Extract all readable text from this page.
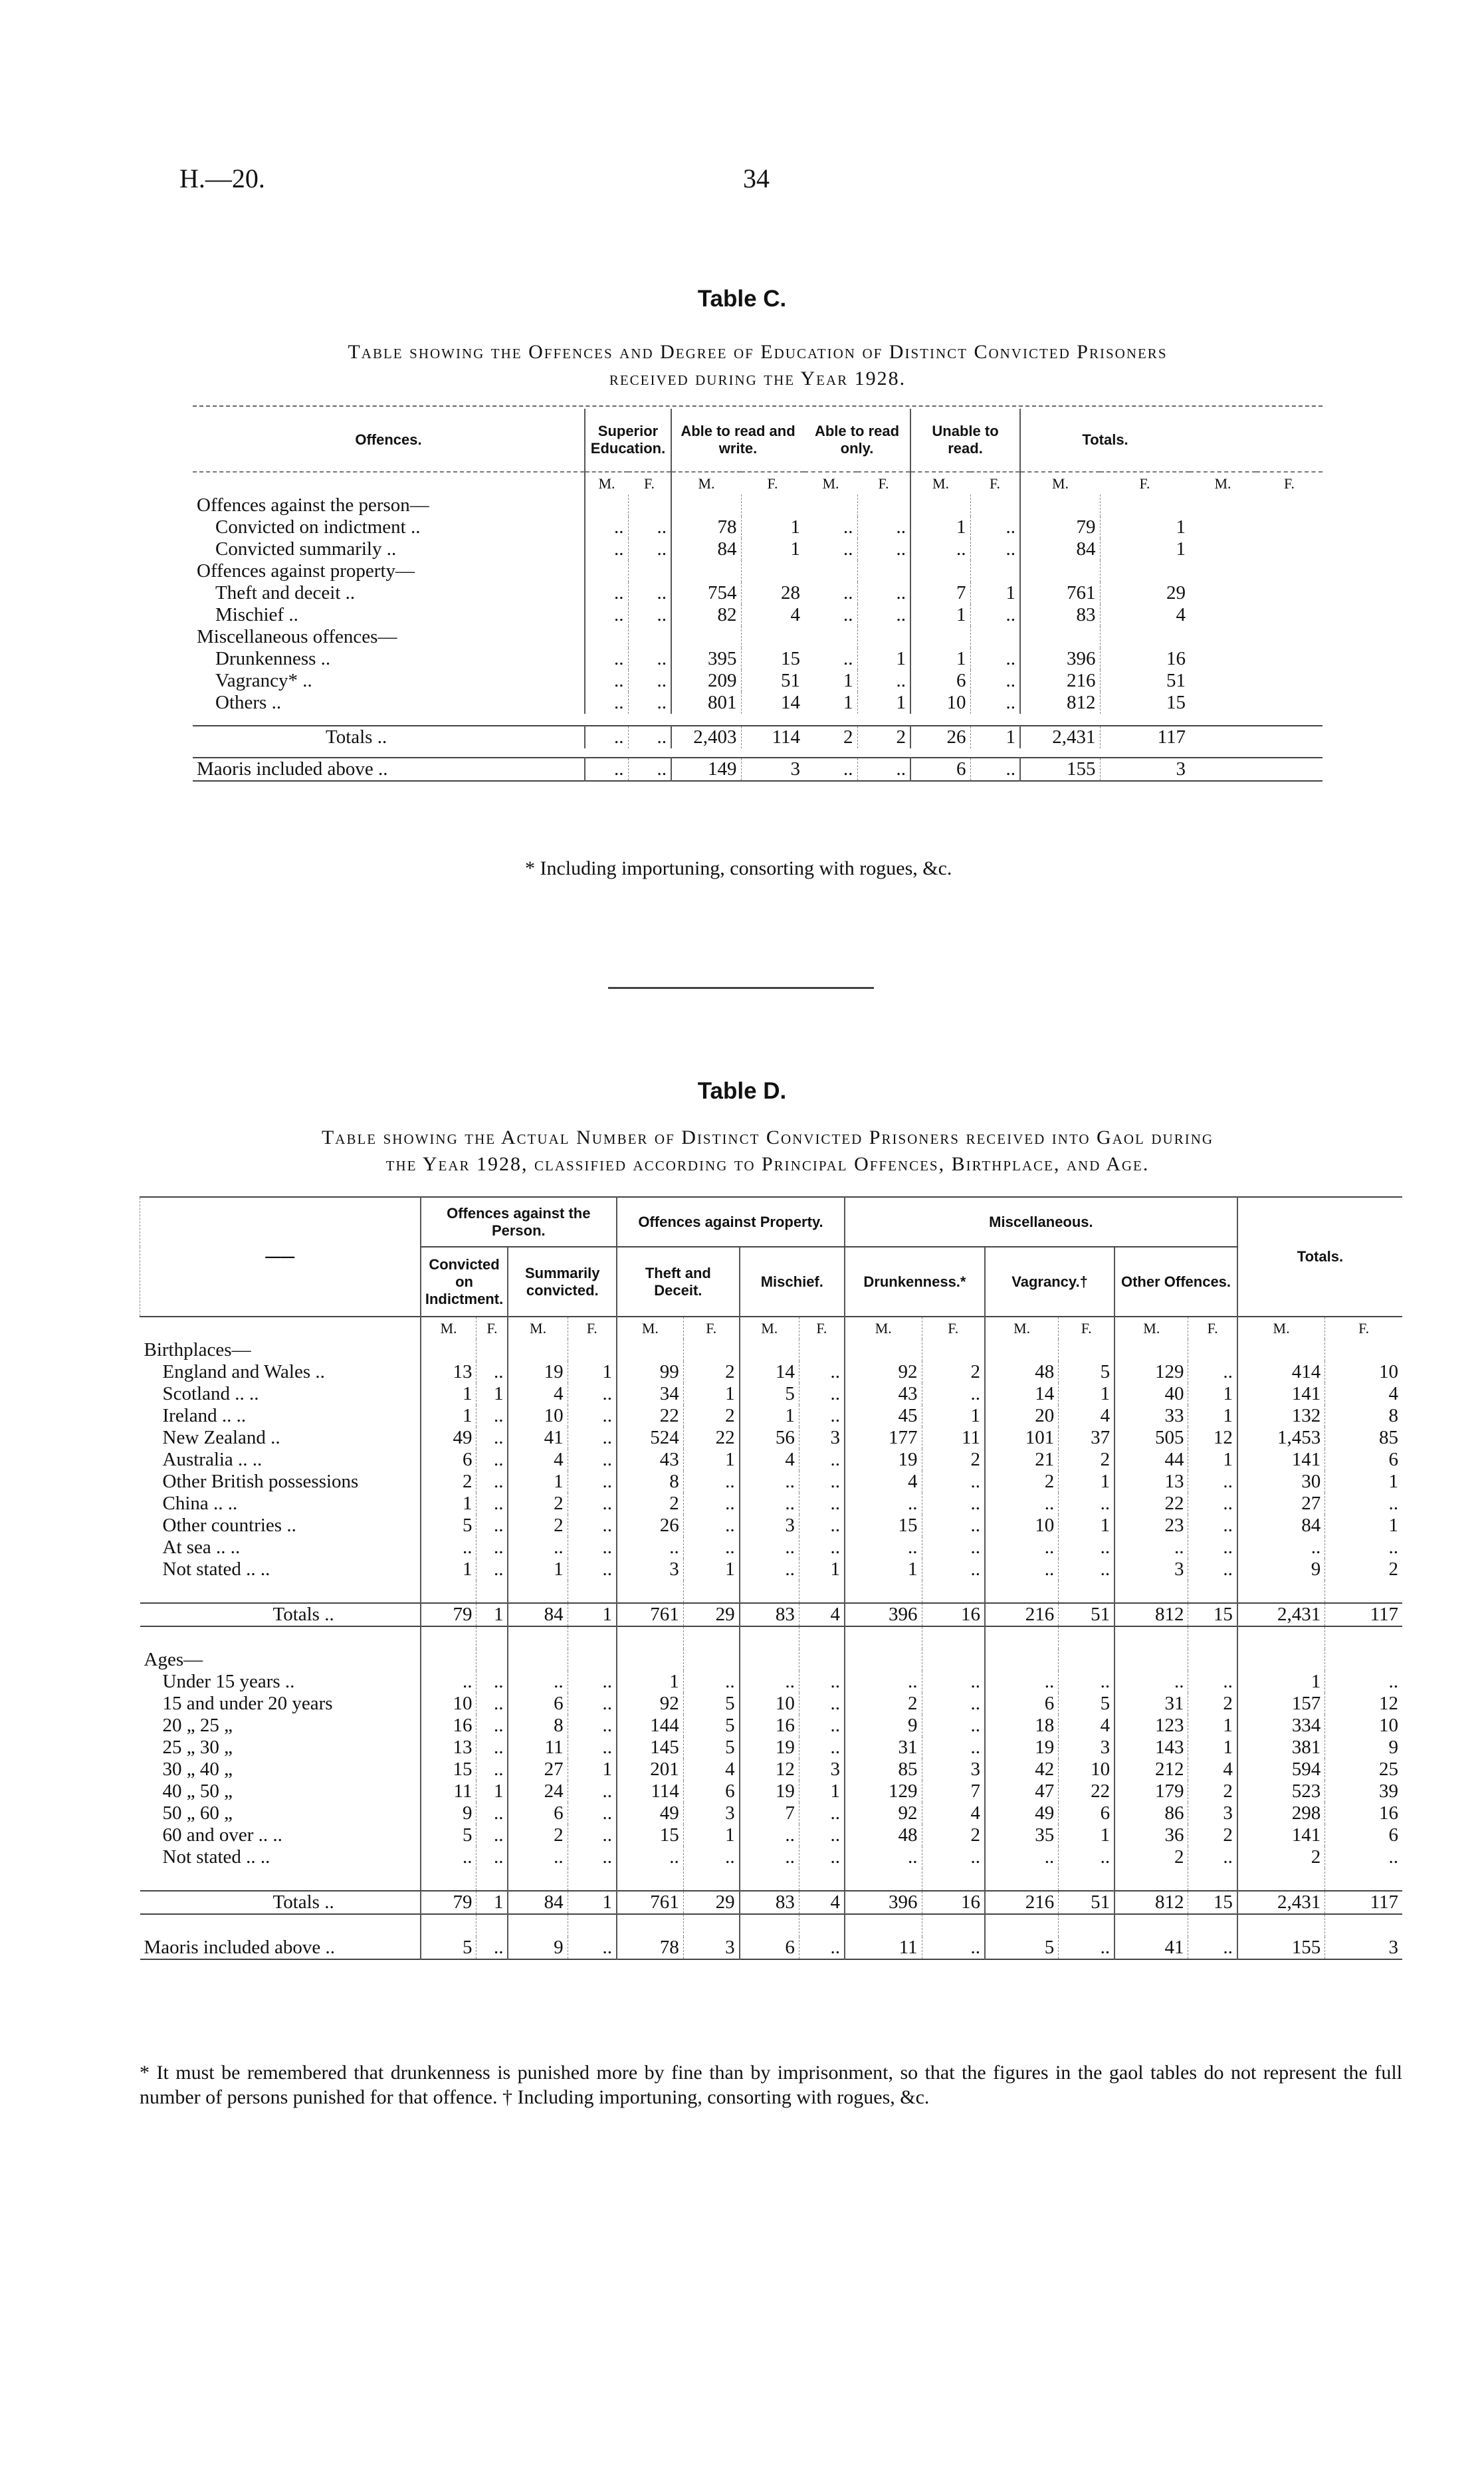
H.—20.	34
Table C.
Table showing the Offences and Degree of Education of Distinct Convicted Prisoners
received during the Year 1928.
Offences.	Superior Education.		Able to read and write.		Able to read only.		Unable to read.		Totals.			
	M.	F.	M.	F.	M.	F.	M.	F.	M.	F.	M.	F.
Offences against the person—												
Convicted on indictment ..	..	..	78	1	..	..	1	..	79	1		
Convicted summarily ..	..	..	84	1	..	..	..	..	84	1		
Offences against property—												
Theft and deceit ..	..	..	754	28	..	..	7	1	761	29		
Mischief ..	..	..	82	4	..	..	1	..	83	4		
Miscellaneous offences—												
Drunkenness ..	..	..	395	15	..	1	1	..	396	16		
Vagrancy* ..	..	..	209	51	1	..	6	..	216	51		
Others ..	..	..	801	14	1	1	10	..	812	15		

Totals ..	..	..	2,403	114	2	2	26	1	2,431	117		

Maoris included above ..	..	..	149	3	..	..	6	..	155	3		
* Including importuning, consorting with rogues, &c.
Table D.
Table showing the Actual Number of Distinct Convicted Prisoners received into Gaol during
the Year 1928, classified according to Principal Offences, Birthplace, and Age.
——	Offences against the Person.				Offences against Property.				Miscellaneous.						Totals.	
	Convicted on Indictment.		Summarily convicted.		Theft and Deceit.		Mischief.		Drunkenness.*		Vagrancy.†		Other Offences.			
	M.	F.	M.	F.	M.	F.	M.	F.	M.	F.	M.	F.	M.	F.	M.	F.
Birthplaces—																
England and Wales ..	13	..	19	1	99	2	14	..	92	2	48	5	129	..	414	10
Scotland .. ..	1	1	4	..	34	1	5	..	43	..	14	1	40	1	141	4
Ireland .. ..	1	..	10	..	22	2	1	..	45	1	20	4	33	1	132	8
New Zealand ..	49	..	41	..	524	22	56	3	177	11	101	37	505	12	1,453	85
Australia .. ..	6	..	4	..	43	1	4	..	19	2	21	2	44	1	141	6
Other British possessions	2	..	1	..	8	..	..	..	4	..	2	1	13	..	30	1
China .. ..	1	..	2	..	2	..	..	..	..	..	..	..	22	..	27	..
Other countries ..	5	..	2	..	26	..	3	..	15	..	10	1	23	..	84	1
At sea .. ..	..	..	..	..	..	..	..	..	..	..	..	..	..	..	..	..
Not stated .. ..	1	..	1	..	3	1	..	1	1	..	..	..	3	..	9	2

Totals ..	79	1	84	1	761	29	83	4	396	16	216	51	812	15	2,431	117

Ages—																
Under 15 years ..	..	..	..	..	1	..	..	..	..	..	..	..	..	..	1	..
15 and under 20 years	10	..	6	..	92	5	10	..	2	..	6	5	31	2	157	12
20 „ 25 „	16	..	8	..	144	5	16	..	9	..	18	4	123	1	334	10
25 „ 30 „	13	..	11	..	145	5	19	..	31	..	19	3	143	1	381	9
30 „ 40 „	15	..	27	1	201	4	12	3	85	3	42	10	212	4	594	25
40 „ 50 „	11	1	24	..	114	6	19	1	129	7	47	22	179	2	523	39
50 „ 60 „	9	..	6	..	49	3	7	..	92	4	49	6	86	3	298	16
60 and over .. ..	5	..	2	..	15	1	..	..	48	2	35	1	36	2	141	6
Not stated .. ..	..	..	..	..	..	..	..	..	..	..	..	..	2	..	2	..

Totals ..	79	1	84	1	761	29	83	4	396	16	216	51	812	15	2,431	117

Maoris included above ..	5	..	9	..	78	3	6	..	11	..	5	..	41	..	155	3
* It must be remembered that drunkenness is punished more by fine than by imprisonment, so that the figures in the gaol tables do not represent the full number of persons punished for that offence. † Including importuning, consorting with rogues, &c.
